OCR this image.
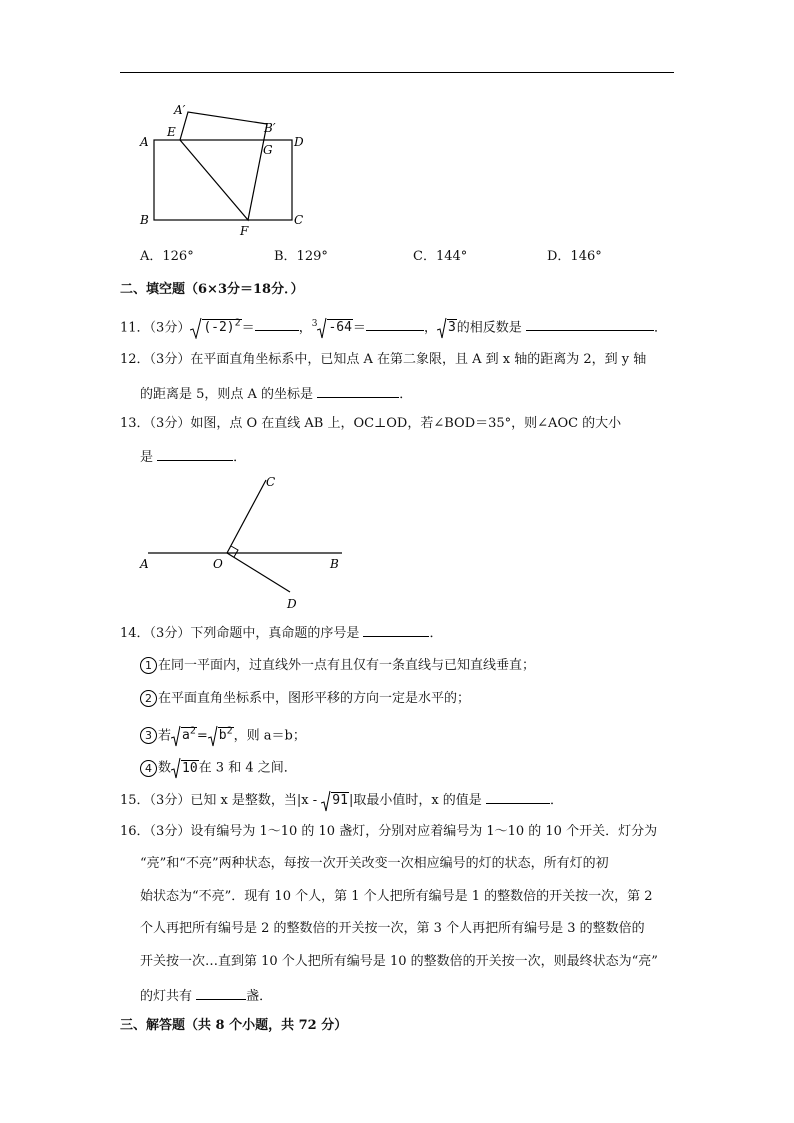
A′
B′
A
E
G
D
B
F
C
A．126°	B．129°	C．144°	D．146°
二、填空题（6×3分＝18分．）
11．（3分） $(-2)^2=$	，$^3$ -64＝	， 3的相反数是	．
12．（3分）在平面直角坐标系中，已知点 A 在第二象限，且 A 到 x 轴的距离为 2，到 y 轴
的距离是 5，则点 A 的坐标是	．
13．（3分）如图，点 O 在直线 AB 上，OC⊥OD，若∠BOD＝35°，则∠AOC 的大小
是	．
C
A	O	B
D
14．（3分）下列命题中，真命题的序号是	．
1 在同一平面内，过直线外一点有且仅有一条直线与已知直线垂直；
2 在平面直角坐标系中，图形平移的方向一定是水平的；
3 若 $a^2= b^2$，则 a＝b；
4 数 10在 3 和 4 之间．
15．（3分）已知 x 是整数，当|x - 91|取最小值时，x 的值是	．
16．（3分）设有编号为 1～10 的 10 盏灯，分别对应着编号为 1～10 的 10 个开关．灯分为
“亮”和“不亮”两种状态，每按一次开关改变一次相应编号的灯的状态，所有灯的初
始状态为“不亮”．现有 10 个人，第 1 个人把所有编号是 1 的整数倍的开关按一次，第 2
个人再把所有编号是 2 的整数倍的开关按一次，第 3 个人再把所有编号是 3 的整数倍的
开关按一次…直到第 10 个人把所有编号是 10 的整数倍的开关按一次，则最终状态为“亮”
的灯共有	盏．
三、解答题（共 8 个小题，共 72 分）
